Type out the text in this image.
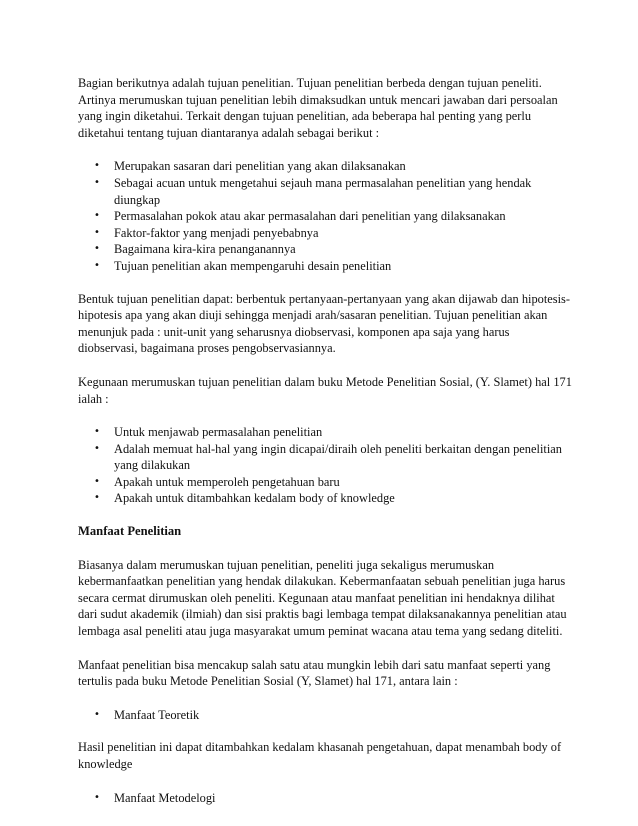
Bagian berikutnya adalah tujuan penelitian. Tujuan penelitian berbeda dengan tujuan peneliti. Artinya merumuskan tujuan penelitian lebih dimaksudkan untuk mencari jawaban dari persoalan yang ingin diketahui. Terkait dengan tujuan penelitian, ada beberapa hal penting yang perlu diketahui tentang tujuan diantaranya adalah sebagai berikut :

• Merupakan sasaran dari penelitian yang akan dilaksanakan
• Sebagai acuan untuk mengetahui sejauh mana permasalahan penelitian yang hendak diungkap
• Permasalahan pokok atau akar permasalahan dari penelitian yang dilaksanakan
• Faktor-faktor yang menjadi penyebabnya
• Bagaimana kira-kira penanganannya
• Tujuan penelitian akan mempengaruhi desain penelitian

Bentuk tujuan penelitian dapat: berbentuk pertanyaan-pertanyaan yang akan dijawab dan hipotesis-hipotesis apa yang akan diuji sehingga menjadi arah/sasaran penelitian. Tujuan penelitian akan menunjuk pada : unit-unit yang seharusnya diobservasi, komponen apa saja yang harus diobservasi, bagaimana proses pengobservasiannya.

Kegunaan merumuskan tujuan penelitian dalam buku Metode Penelitian Sosial, (Y. Slamet) hal 171 ialah :

• Untuk menjawab permasalahan penelitian
• Adalah memuat hal-hal yang ingin dicapai/diraih oleh peneliti berkaitan dengan penelitian yang dilakukan
• Apakah untuk memperoleh pengetahuan baru
• Apakah untuk ditambahkan kedalam body of knowledge
Manfaat Penelitian

Biasanya dalam merumuskan tujuan penelitian, peneliti juga sekaligus merumuskan kebermanfaatkan penelitian yang hendak dilakukan. Kebermanfaatan sebuah penelitian juga harus secara cermat dirumuskan oleh peneliti. Kegunaan atau manfaat penelitian ini hendaknya dilihat dari sudut akademik (ilmiah) dan sisi praktis bagi lembaga tempat dilaksanakannya penelitian atau lembaga asal peneliti atau juga masyarakat umum peminat wacana atau tema yang sedang diteliti.

Manfaat penelitian bisa mencakup salah satu atau mungkin lebih dari satu manfaat seperti yang tertulis pada buku Metode Penelitian Sosial (Y, Slamet) hal 171, antara lain :

• Manfaat Teoretik

Hasil penelitian ini dapat ditambahkan kedalam khasanah pengetahuan, dapat menambah body of knowledge

• Manfaat Metodelogi
